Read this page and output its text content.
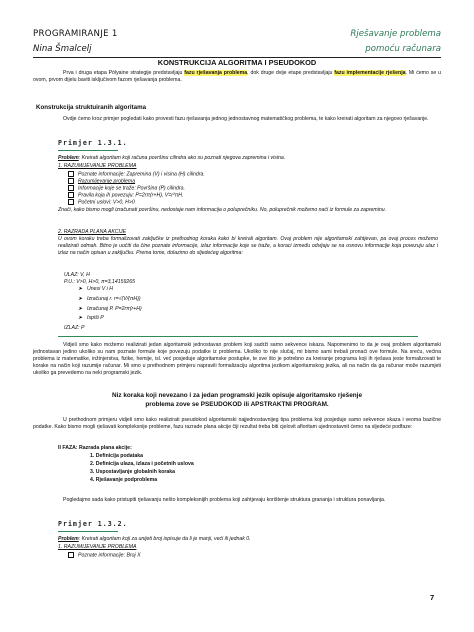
PROGRAMIRANJE 1
Nina Šmalcelj
Rješavanje problema
pomoću računara
KONSTRUKCIJA ALGORITMA I PSEUDOKOD
Prva i druga etapa Pólyaine strategije predstavljaju fazu rješavanja problema, dok druge dvije etape predstavljaju fazu implementacije rješenja. Mi ćemo se u ovom, prvom dijelu baviti isključivom fazom rješavanja problema.
Konstrukcija struktuiranih algoritama
Ovdje ćemo kroz primjer pogledati kako provesti fazu rješavanja jednog jednostavnog matematičkog problema, te kako kreirati algoritam za njegovo rješavanje.
Primjer 1.3.1.
Problem: Kreirati algoritam koji računa površinu cilindra ako su poznati njegova zapremina i visina.
1. RAZUMIJEVANJE PROBLEMA
Poznate informacije: Zapremina (V) i visina (H) cilindra.
Razumijevanje problema
Informacije koje se traže: Površina (P) cilindra.
Pravila koja ih povezuju: P=2rπ(r+H), V=r²πH.
Početni uslovi: V>0, H>0
Znači, kako bismo mogli izračunati površinu, nedostaje nam informacija o poluprečniku. No, poluprečnik možemo naći iz formule za zapreminu.
2. RAZRADA PLANA AKCIJE
U ovom koraku treba formalizovati zaključke iz prethodnog koraka kako bi kreirali algoritam. Ovaj problem nije algoritamski zahtjevan, pa ovaj proces možemo realizirati odmah. Bitno je uočiti da čine poznate informacije, izlaz informacije koje se traže, a koraci između odvijaju se na osnovu informacije koja povezuju ulaz i izlaz na način opisan u zaključku. Prema tome, dolazimo do sljedećeg algoritma:
ULAZ: V, H
P.U.: V>0, H>0, π=3,14159265
➤ Unesi V i H
➤ Izračunaj r. r=√(V/(πH))
➤ Izračunaj P. P=2rπ(r+H)
➤ Ispiši P
IZLAZ: P
Vidjeli smo kako možemo realizirati jedan algoritamski jednostavan problem koji sadrži samo sekvence iskaza. Napomenimo to da je ovaj problem algoritamski jednostavan jedino ukoliko su nam poznate formule koje povezuju podatke iz problema. Ukoliko to nije slučaj, mi bismo sami trebali pronaći ove formule. Na sreću, većina problema iz matematike, inžinjerstva, fizike, hemije, isl. već posjeduje algoritamske postupke, te sve što je potrebno za kreiranje programa koji ih rješava jeste formalizovati te korake na način koji razumije računar. Mi smo u prethodnom primjeru napravili formalizaciju algoritma jezikom algoritamskog jezika, ali na način da ga računar može razumjeti ukoliko ga prevedemo na neki programski jezik.
Niz koraka koji nevezano i za jedan programski jezik opisuje algoritamsko rješenje
problema zove se PSEUDOKOD ili APSTRAKTNI PROGRAM.
U prethodnom primjeru vidjeli smo kako realizirati pseudokod algoritamski najjednostavnijeg tipa problema koji posjeduje samo sekvence skaza i veoma bazične podatke. Kako bismo mogli rješavati kompleksnije probleme, fazu razrade plana akcije čiji rezultat treba biti cjelovit afloritam ujednostavnit ćemo na sljedeće podfaze:
II FAZA: Razrada plana akcije:
1. Definicija podataka
2. Definicija ulaza, izlaza i početnih uslova
3. Uspostavljanje globalnih koraka
4. Rješavanje podproblema
Pogledajmo sada kako pristupiti rješavanju nešto kompleksnijih problema koji zahtjevaju korištenje struktura grananja i struktura ponavljanja.
Primjer 1.3.2.
Problem: Kreirati algoritam koji za unijeti broj ispisuje da li je manji, veći ili jednak 0.
1. RAZUMIJEVANJE PROBLEMA
Poznate informacije: Broj X
7
